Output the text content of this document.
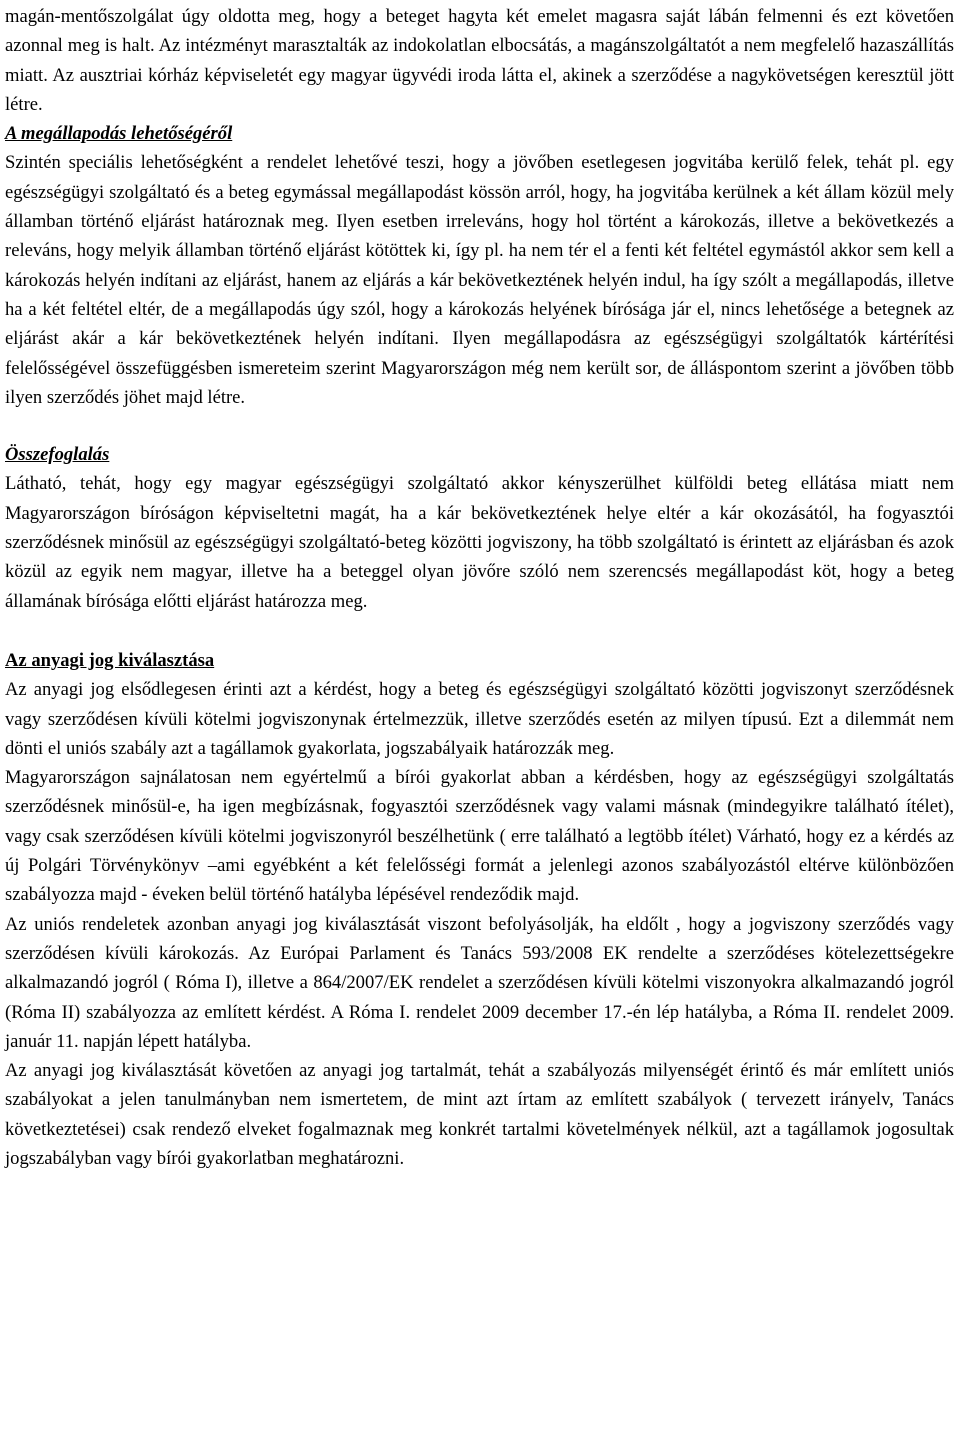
magán-mentőszolgálat úgy oldotta meg, hogy a beteget hagyta két emelet magasra saját lábán felmenni és ezt követően azonnal meg is halt. Az intézményt marasztalták az indokolatlan elbocsátás, a magánszolgáltatót a nem megfelelő hazaszállítás miatt. Az ausztriai kórház képviseletét egy magyar ügyvédi iroda látta el, akinek a szerződése a nagykövetségen keresztül jött létre.

A megállapodás lehetőségéről

Szintén speciális lehetőségként a rendelet lehetővé teszi, hogy a jövőben esetlegesen jogvitába kerülő felek, tehát pl. egy egészségügyi szolgáltató és a beteg egymással megállapodást kössön arról, hogy, ha jogvitába kerülnek a két állam közül mely államban történő eljárást határoznak meg. Ilyen esetben irreleváns, hogy hol történt a károkozás, illetve a bekövetkezés a releváns, hogy melyik államban történő eljárást kötöttek ki, így pl. ha nem tér el a fenti két feltétel egymástól akkor sem kell a károkozás helyén indítani az eljárást, hanem az eljárás a kár bekövetkeztének helyén indul, ha így szólt a megállapodás, illetve ha a két feltétel eltér, de a megállapodás úgy szól, hogy a károkozás helyének bírósága jár el, nincs lehetősége a betegnek az eljárást akár a kár bekövetkeztének helyén indítani. Ilyen megállapodásra az egészségügyi szolgáltatók kártérítési felelősségével összefüggésben ismereteim szerint Magyarországon még nem került sor, de álláspontom szerint a jövőben több ilyen szerződés jöhet majd létre.

Összefoglalás

Látható, tehát, hogy egy magyar egészségügyi szolgáltató akkor kényszerülhet külföldi beteg ellátása miatt nem Magyarországon bíróságon képviseltetni magát, ha a kár bekövetkeztének helye eltér a kár okozásától, ha fogyasztói szerződésnek minősül az egészségügyi szolgáltató-beteg közötti jogviszony, ha több szolgáltató is érintett az eljárásban és azok közül az egyik nem magyar, illetve ha a beteggel olyan jövőre szóló nem szerencsés megállapodást köt, hogy a beteg államának bírósága előtti eljárást határozza meg.

Az anyagi jog kiválasztása

Az anyagi jog elsődlegesen érinti azt a kérdést, hogy a beteg és egészségügyi szolgáltató közötti jogviszonyt szerződésnek vagy szerződésen kívüli kötelmi jogviszonynak értelmezzük, illetve szerződés esetén az milyen típusú. Ezt a dilemmát nem dönti el uniós szabály azt a tagállamok gyakorlata, jogszabályaik határozzák meg.

Magyarországon sajnálatosan nem egyértelmű a bírói gyakorlat abban a kérdésben, hogy az egészségügyi szolgáltatás szerződésnek minősül-e, ha igen megbízásnak, fogyasztói szerződésnek vagy valami másnak (mindegyikre található ítélet), vagy csak szerződésen kívüli kötelmi jogviszonyról beszélhetünk ( erre található a legtöbb ítélet) Várható, hogy ez a kérdés az új Polgári Törvénykönyv –ami egyébként a két felelősségi formát a jelenlegi azonos szabályozástól eltérve különbözően szabályozza majd - éveken belül történő hatályba lépésével rendeződik majd.

Az uniós rendeletek azonban anyagi jog kiválasztását viszont befolyásolják, ha eldőlt , hogy a jogviszony szerződés vagy szerződésen kívüli károkozás. Az Európai Parlament és Tanács 593/2008 EK rendelte a szerződéses kötelezettségekre alkalmazandó jogról ( Róma I), illetve a 864/2007/EK rendelet a szerződésen kívüli kötelmi viszonyokra alkalmazandó jogról (Róma II) szabályozza az említett kérdést. A Róma I. rendelet 2009 december 17.-én lép hatályba, a Róma II. rendelet 2009. január 11. napján lépett hatályba.

Az anyagi jog kiválasztását követően az anyagi jog tartalmát, tehát a szabályozás milyenségét érintő és már említett uniós szabályokat a jelen tanulmányban nem ismertetem, de mint azt írtam az említett szabályok ( tervezett irányelv, Tanács következtetései) csak rendező elveket fogalmaznak meg konkrét tartalmi követelmények nélkül, azt a tagállamok jogosultak jogszabályban vagy bírói gyakorlatban meghatározni.
